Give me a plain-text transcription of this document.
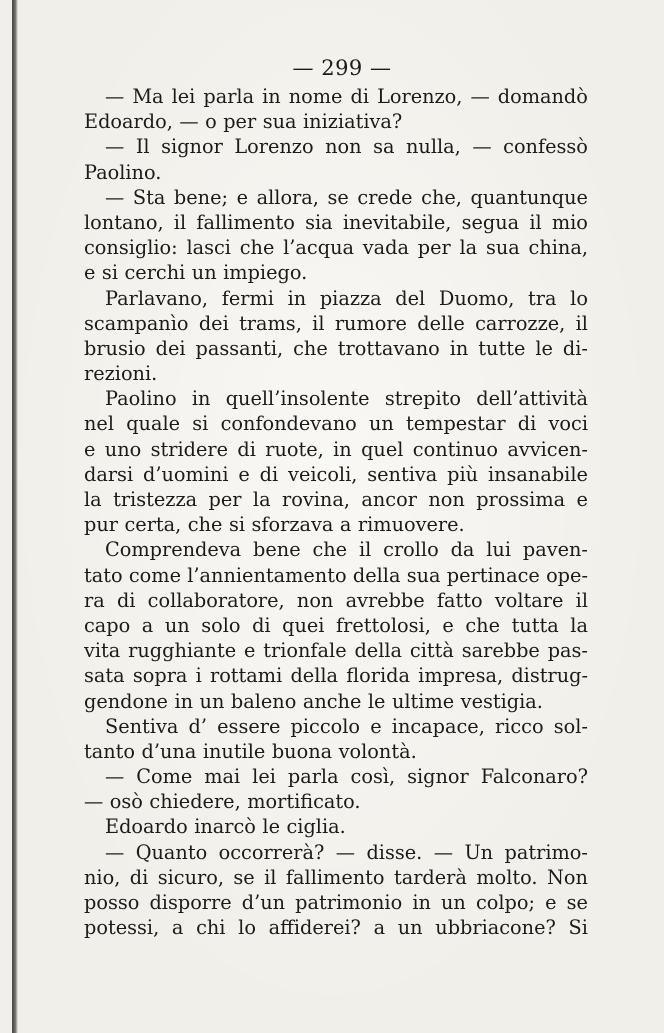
— 299 —
— Ma lei parla in nome di Lorenzo, — domandò
Edoardo, — o per sua iniziativa?
— Il signor Lorenzo non sa nulla, — confessò
Paolino.
— Sta bene; e allora, se crede che, quantunque
lontano, il fallimento sia inevitabile, segua il mio
consiglio: lasci che l’acqua vada per la sua china,
e si cerchi un impiego.
Parlavano, fermi in piazza del Duomo, tra lo
scampanìo dei trams, il rumore delle carrozze, il
brusio dei passanti, che trottavano in tutte le di-
rezioni.
Paolino in quell’insolente strepito dell’attività
nel quale si confondevano un tempestar di voci
e uno stridere di ruote, in quel continuo avvicen-
darsi d’uomini e di veicoli, sentiva più insanabile
la tristezza per la rovina, ancor non prossima e
pur certa, che si sforzava a rimuovere.
Comprendeva bene che il crollo da lui paven-
tato come l’annientamento della sua pertinace ope-
ra di collaboratore, non avrebbe fatto voltare il
capo a un solo di quei frettolosi, e che tutta la
vita rugghiante e trionfale della città sarebbe pas-
sata sopra i rottami della florida impresa, distrug-
gendone in un baleno anche le ultime vestigia.
Sentiva d’ essere piccolo e incapace, ricco sol-
tanto d’una inutile buona volontà.
— Come mai lei parla così, signor Falconaro?
— osò chiedere, mortificato.
Edoardo inarcò le ciglia.
— Quanto occorrerà? — disse. — Un patrimo-
nio, di sicuro, se il fallimento tarderà molto. Non
posso disporre d’un patrimonio in un colpo; e se
potessi, a chi lo affiderei? a un ubbriacone? Si
